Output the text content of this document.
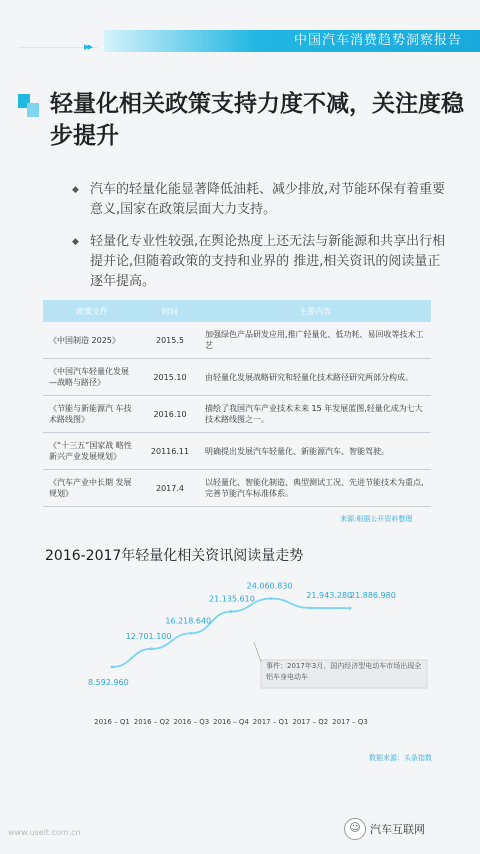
▸▸	中国汽车消费趋势洞察报告
轻量化相关政策支持力度不减，关注度稳步提升
◆ 汽车的轻量化能显著降低油耗、减少排放,对节能环保有着重要意义,国家在政策层面大力支持。
◆ 轻量化专业性较强,在舆论热度上还无法与新能源和共享出行相提并论,但随着政策的支持和业界的 推进,相关资讯的阅读量正逐年提高。
政策文件	时间	主要内容
《中国制造 2025》	2015.5	加强绿色产品研发应用,推广轻量化、低功耗、易回收等技术工艺
《中国汽车轻量化发展—战略与路径》	2015.10	由轻量化发展战略研究和轻量化技术路径研究两部分构成。
《节能与新能源汽 车技术路线图》	2016.10	描绘了我国汽车产业技术未来 15 年发展蓝图,轻量化成为七大技术路线图之一。
《“十三五”国家战 略性新兴产业发展规划》	20116.11	明确提出发展汽车轻量化、新能源汽车、智能驾驶。
《汽车产业中长期 发展规划》	2017.4	以轻量化、智能化制造、典型测试工况、先进节能技术为重点,完善节能汽车标准体系。
来源:根据公开资料整理
2016-2017年轻量化相关资讯阅读量走势
事件：2017年3月，国内经济型电动车市场出现全铝车身电动车
8.592.960
2016 – Q1
12.701.100
2016 – Q2
16.218.640
2016 – Q3
21.135.610
2016 – Q4
24.060.830
2017 – Q1
21.943.280
2017 – Q2
21.886.980
2017 – Q3
数据来源：头条指数
www.useit.com.cn	☺ 汽车互联网
